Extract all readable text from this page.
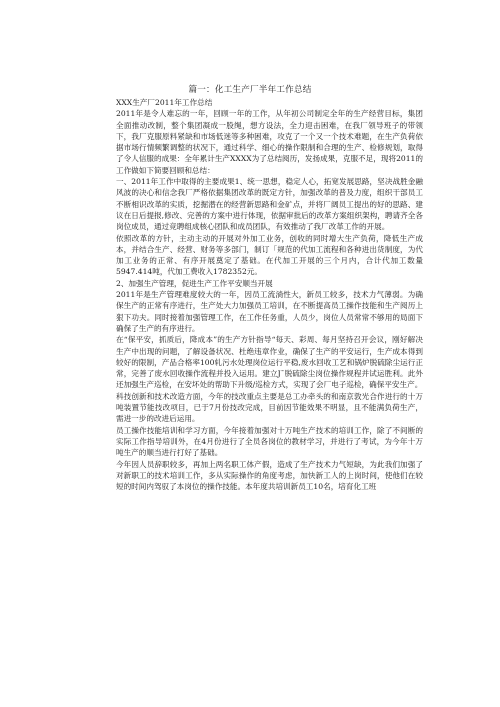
篇一：化工生产厂半年工作总结

XXX生产厂2011年工作总结

2011年是令人难忘的一年，回顾一年的工作，从年初公司制定全年的生产经营目标，集团全面推动改制，整个集团凝成一股绳，想方设法，全力迎击困难，在我厂领导班子的带领下，我厂克服原料紧缺和市场低迷等多种困难，攻克了一个又一个技术难题，在生产负荷依据市场行情频繁调整的状况下，通过科学、细心的操作限制和合理的生产、检修规划，取得了令人信服的成果：全年累计生产XXXX为了总结阅历，发扬成果，克服不足，现将2011的工作做如下简要回顾和总结：

一、2011年工作中取得的主要成果1、统一思想，稳定人心，拓宽发展思路，坚决战胜金融风波的决心和信念我厂严格依据集团改革的既定方针，加强改革的普及力度，组织干部员工不断相识改革的实质，挖掘潜在的经营新思路和金矿点，并将厂阔员工提出的好的思路、建议在日后提报,修改、完善的方案中进行体现，依据审批后的改革方案组织架构，聘请齐全各岗位成员，通过竞聘组成核心团队和成员团队，有效推动了我厂改革工作的开展。

依照改革的方针，主动主动的开展对外加工业务，创收的同时增大生产负荷，降低生产成本，并结合生产、经营、财务等多部门，制订「规范的代加工流程和各种进出货制度，为代加工业务的正常、有序开展奠定了基础。在代加工开展的三个月内，合计代加工数量5947.414吨，代加工费收入1782352元。

2、加强生产管理，促进生产工作平安顺当开展

2011年是生产管理难度较大的一年，因员工流淌性大，新员工较多，技术力气薄弱。为确保生产的正常有序进行，生产处大力加强员工培训，在不断提高员工操作技能和生产阅历上狠下功夫。同时接着加强管理工作，在工作任务重，人员少，岗位人员常常不够用的局面下确保了生产的有序进行。

在“保平安，抓质后，降成本”的生产方针指导“每天、彩周、每月坚持召开会议，刚好解决生产中出现的问题，了解设备状况、杜绝违章作业，确保了生产的平安运行，生产成本得到较好的限制，产品合格率100轧污水处理岗位运行平稳,废水回收工艺和锅炉脱硫除尘运行正常，完善了废水回收操作流程并投入运用。建立J¯脱硫除尘岗位操作规程并试运胜利。此外还加强生产巡检，在安坏处的帮助下升级/巡检方式，实现了会厂电子巡检，确保平安生产。

科技创新和技术改造方面，今年的技改重点主要是总工办牵头的和南京敦光合作进行的十万吨装置节能技改项目，已于7月份技改完成，目前因节能效果不明显，且不能满负荷生产，需进一步的改进后运用。

员工操作技能培训和学习方面，今年接着加强对十万吨生产技术的培训工作，除了不间断的实际工作指导培训外，在4月份进行了全员各岗位的教材学习，并进行了考试，为今年十万吨生产的顺当进行打好了基础。

今年因人员辞职较多，再加上两名职工体产假，造成了生产技术力气短缺，为此我们加强了对新职工的技术培训工作，多从实际操作的角度考虑，加快新工人的上岗时间，使他们在较短的时间内驾驭了本岗位的操作技能。本年度共培训新员工10名，培育化工班
